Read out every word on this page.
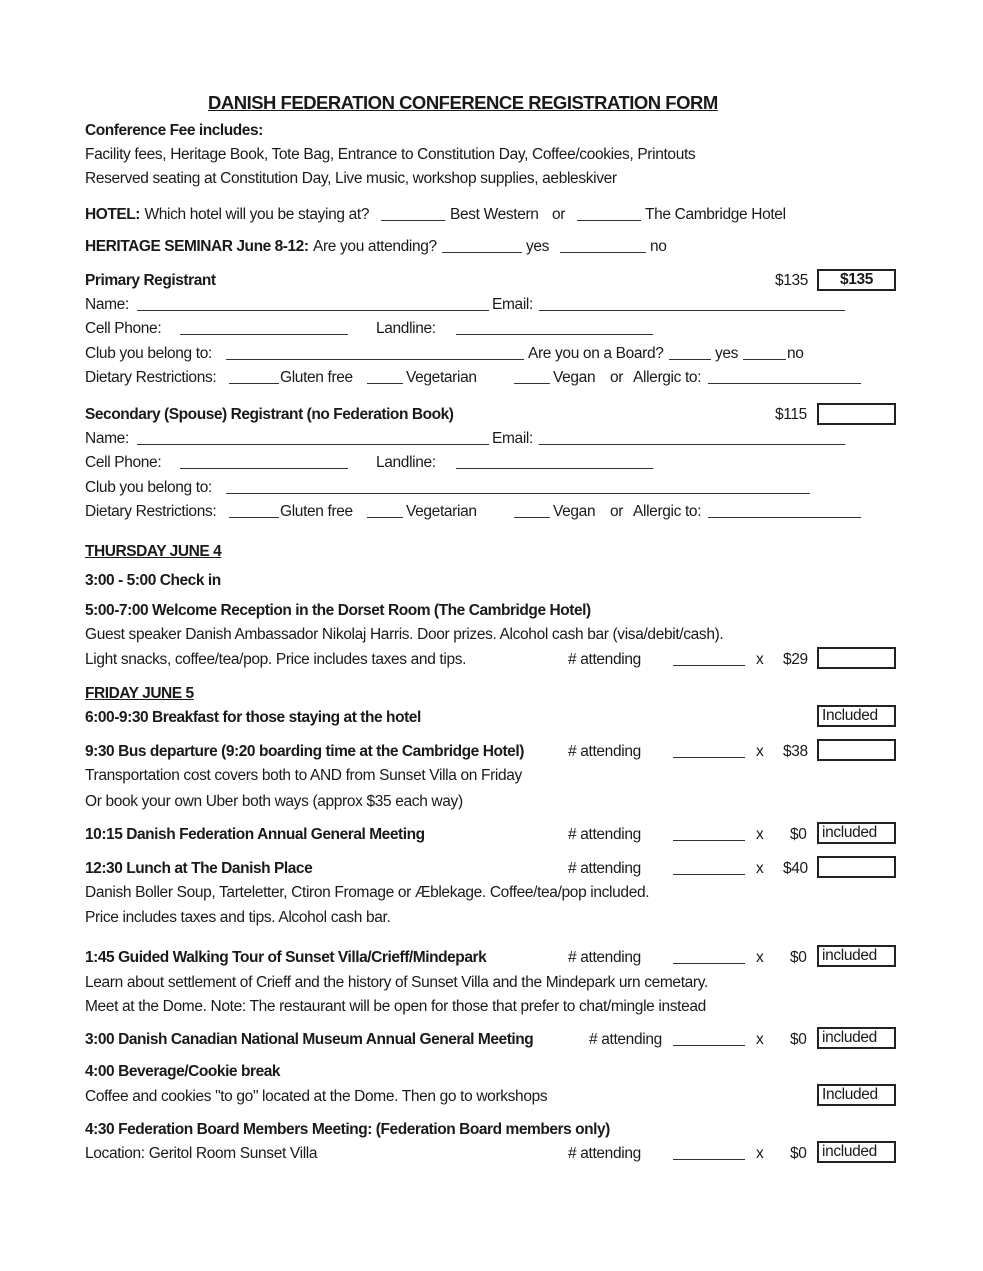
DANISH FEDERATION CONFERENCE REGISTRATION FORM
Conference Fee includes:
Facility fees, Heritage Book, Tote Bag, Entrance to Constitution Day, Coffee/cookies, Printouts
Reserved seating at Constitution Day, Live music, workshop supplies, aebleskiver
HOTEL: Which hotel will you be staying at?	Best Western or	The Cambridge Hotel
HERITAGE SEMINAR June 8-12: Are you attending?	yes	no
Primary Registrant	$135	$135
Name:	Email:
Cell Phone:	Landline:
Club you belong to:	Are you on a Board?	yes	no
Dietary Restrictions:	Gluten free	Vegetarian	Vegan or Allergic to:
Secondary (Spouse) Registrant (no Federation Book)	$115
Name:	Email:
Cell Phone:	Landline:
Club you belong to:
Dietary Restrictions:	Gluten free	Vegetarian	Vegan or Allergic to:
THURSDAY JUNE 4
3:00 - 5:00 Check in
5:00-7:00 Welcome Reception in the Dorset Room (The Cambridge Hotel)
Guest speaker Danish Ambassador Nikolaj Harris. Door prizes. Alcohol cash bar (visa/debit/cash).
Light snacks, coffee/tea/pop. Price includes taxes and tips.	# attending	x $29
FRIDAY JUNE 5
6:00-9:30 Breakfast for those staying at the hotel	Included
9:30 Bus departure (9:20 boarding time at the Cambridge Hotel)	# attending	x $38
Transportation cost covers both to AND from Sunset Villa on Friday
Or book your own Uber both ways (approx $35 each way)
10:15 Danish Federation Annual General Meeting	# attending	x $0 included
12:30 Lunch at The Danish Place	# attending	x $40
Danish Boller Soup, Tarteletter, Ctiron Fromage or Æblekage. Coffee/tea/pop included.
Price includes taxes and tips. Alcohol cash bar.
1:45 Guided Walking Tour of Sunset Villa/Crieff/Mindepark	# attending	x $0 included
Learn about settlement of Crieff and the history of Sunset Villa and the Mindepark urn cemetary.
Meet at the Dome. Note: The restaurant will be open for those that prefer to chat/mingle instead
3:00 Danish Canadian National Museum Annual General Meeting	# attending	x $0 included
4:00 Beverage/Cookie break
Coffee and cookies "to go" located at the Dome. Then go to workshops	Included
4:30 Federation Board Members Meeting: (Federation Board members only)
Location: Geritol Room Sunset Villa	# attending	x $0 included
